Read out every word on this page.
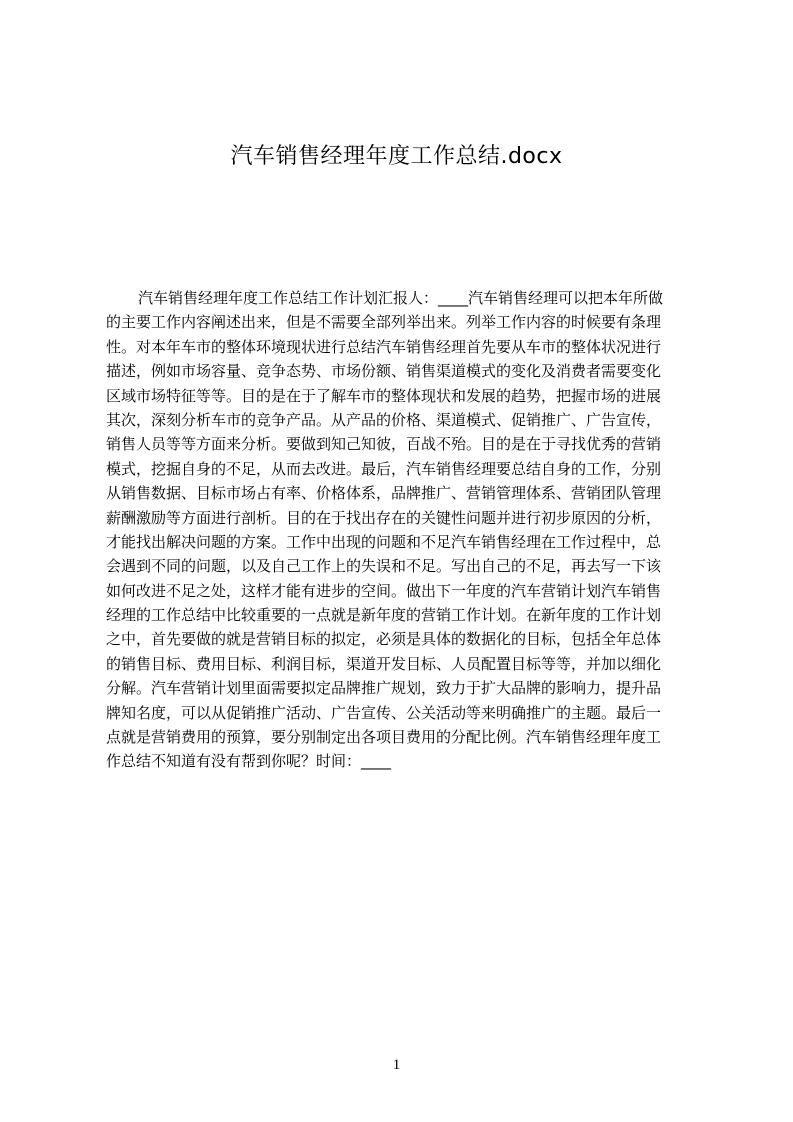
汽车销售经理年度工作总结.docx
汽车销售经理年度工作总结工作计划汇报人：____汽车销售经理可以把本年所做
的主要工作内容阐述出来，但是不需要全部列举出来。列举工作内容的时候要有条理
性。对本年车市的整体环境现状进行总结汽车销售经理首先要从车市的整体状况进行
描述，例如市场容量、竞争态势、市场份额、销售渠道模式的变化及消费者需要变化
区域市场特征等等。目的是在于了解车市的整体现状和发展的趋势，把握市场的进展
其次，深刻分析车市的竞争产品。从产品的价格、渠道模式、促销推广、广告宣传，
销售人员等等方面来分析。要做到知己知彼，百战不殆。目的是在于寻找优秀的营销
模式，挖掘自身的不足，从而去改进。最后，汽车销售经理要总结自身的工作，分别
从销售数据、目标市场占有率、价格体系，品牌推广、营销管理体系、营销团队管理
薪酬激励等方面进行剖析。目的在于找出存在的关键性问题并进行初步原因的分析，
才能找出解决问题的方案。工作中出现的问题和不足汽车销售经理在工作过程中，总
会遇到不同的问题，以及自己工作上的失误和不足。写出自己的不足，再去写一下该
如何改进不足之处，这样才能有进步的空间。做出下一年度的汽车营销计划汽车销售
经理的工作总结中比较重要的一点就是新年度的营销工作计划。在新年度的工作计划
之中，首先要做的就是营销目标的拟定，必须是具体的数据化的目标，包括全年总体
的销售目标、费用目标、利润目标，渠道开发目标、人员配置目标等等，并加以细化
分解。汽车营销计划里面需要拟定品牌推广规划，致力于扩大品牌的影响力，提升品
牌知名度，可以从促销推广活动、广告宣传、公关活动等来明确推广的主题。最后一
点就是营销费用的预算，要分别制定出各项目费用的分配比例。汽车销售经理年度工
作总结不知道有没有帮到你呢？时间：____
1
